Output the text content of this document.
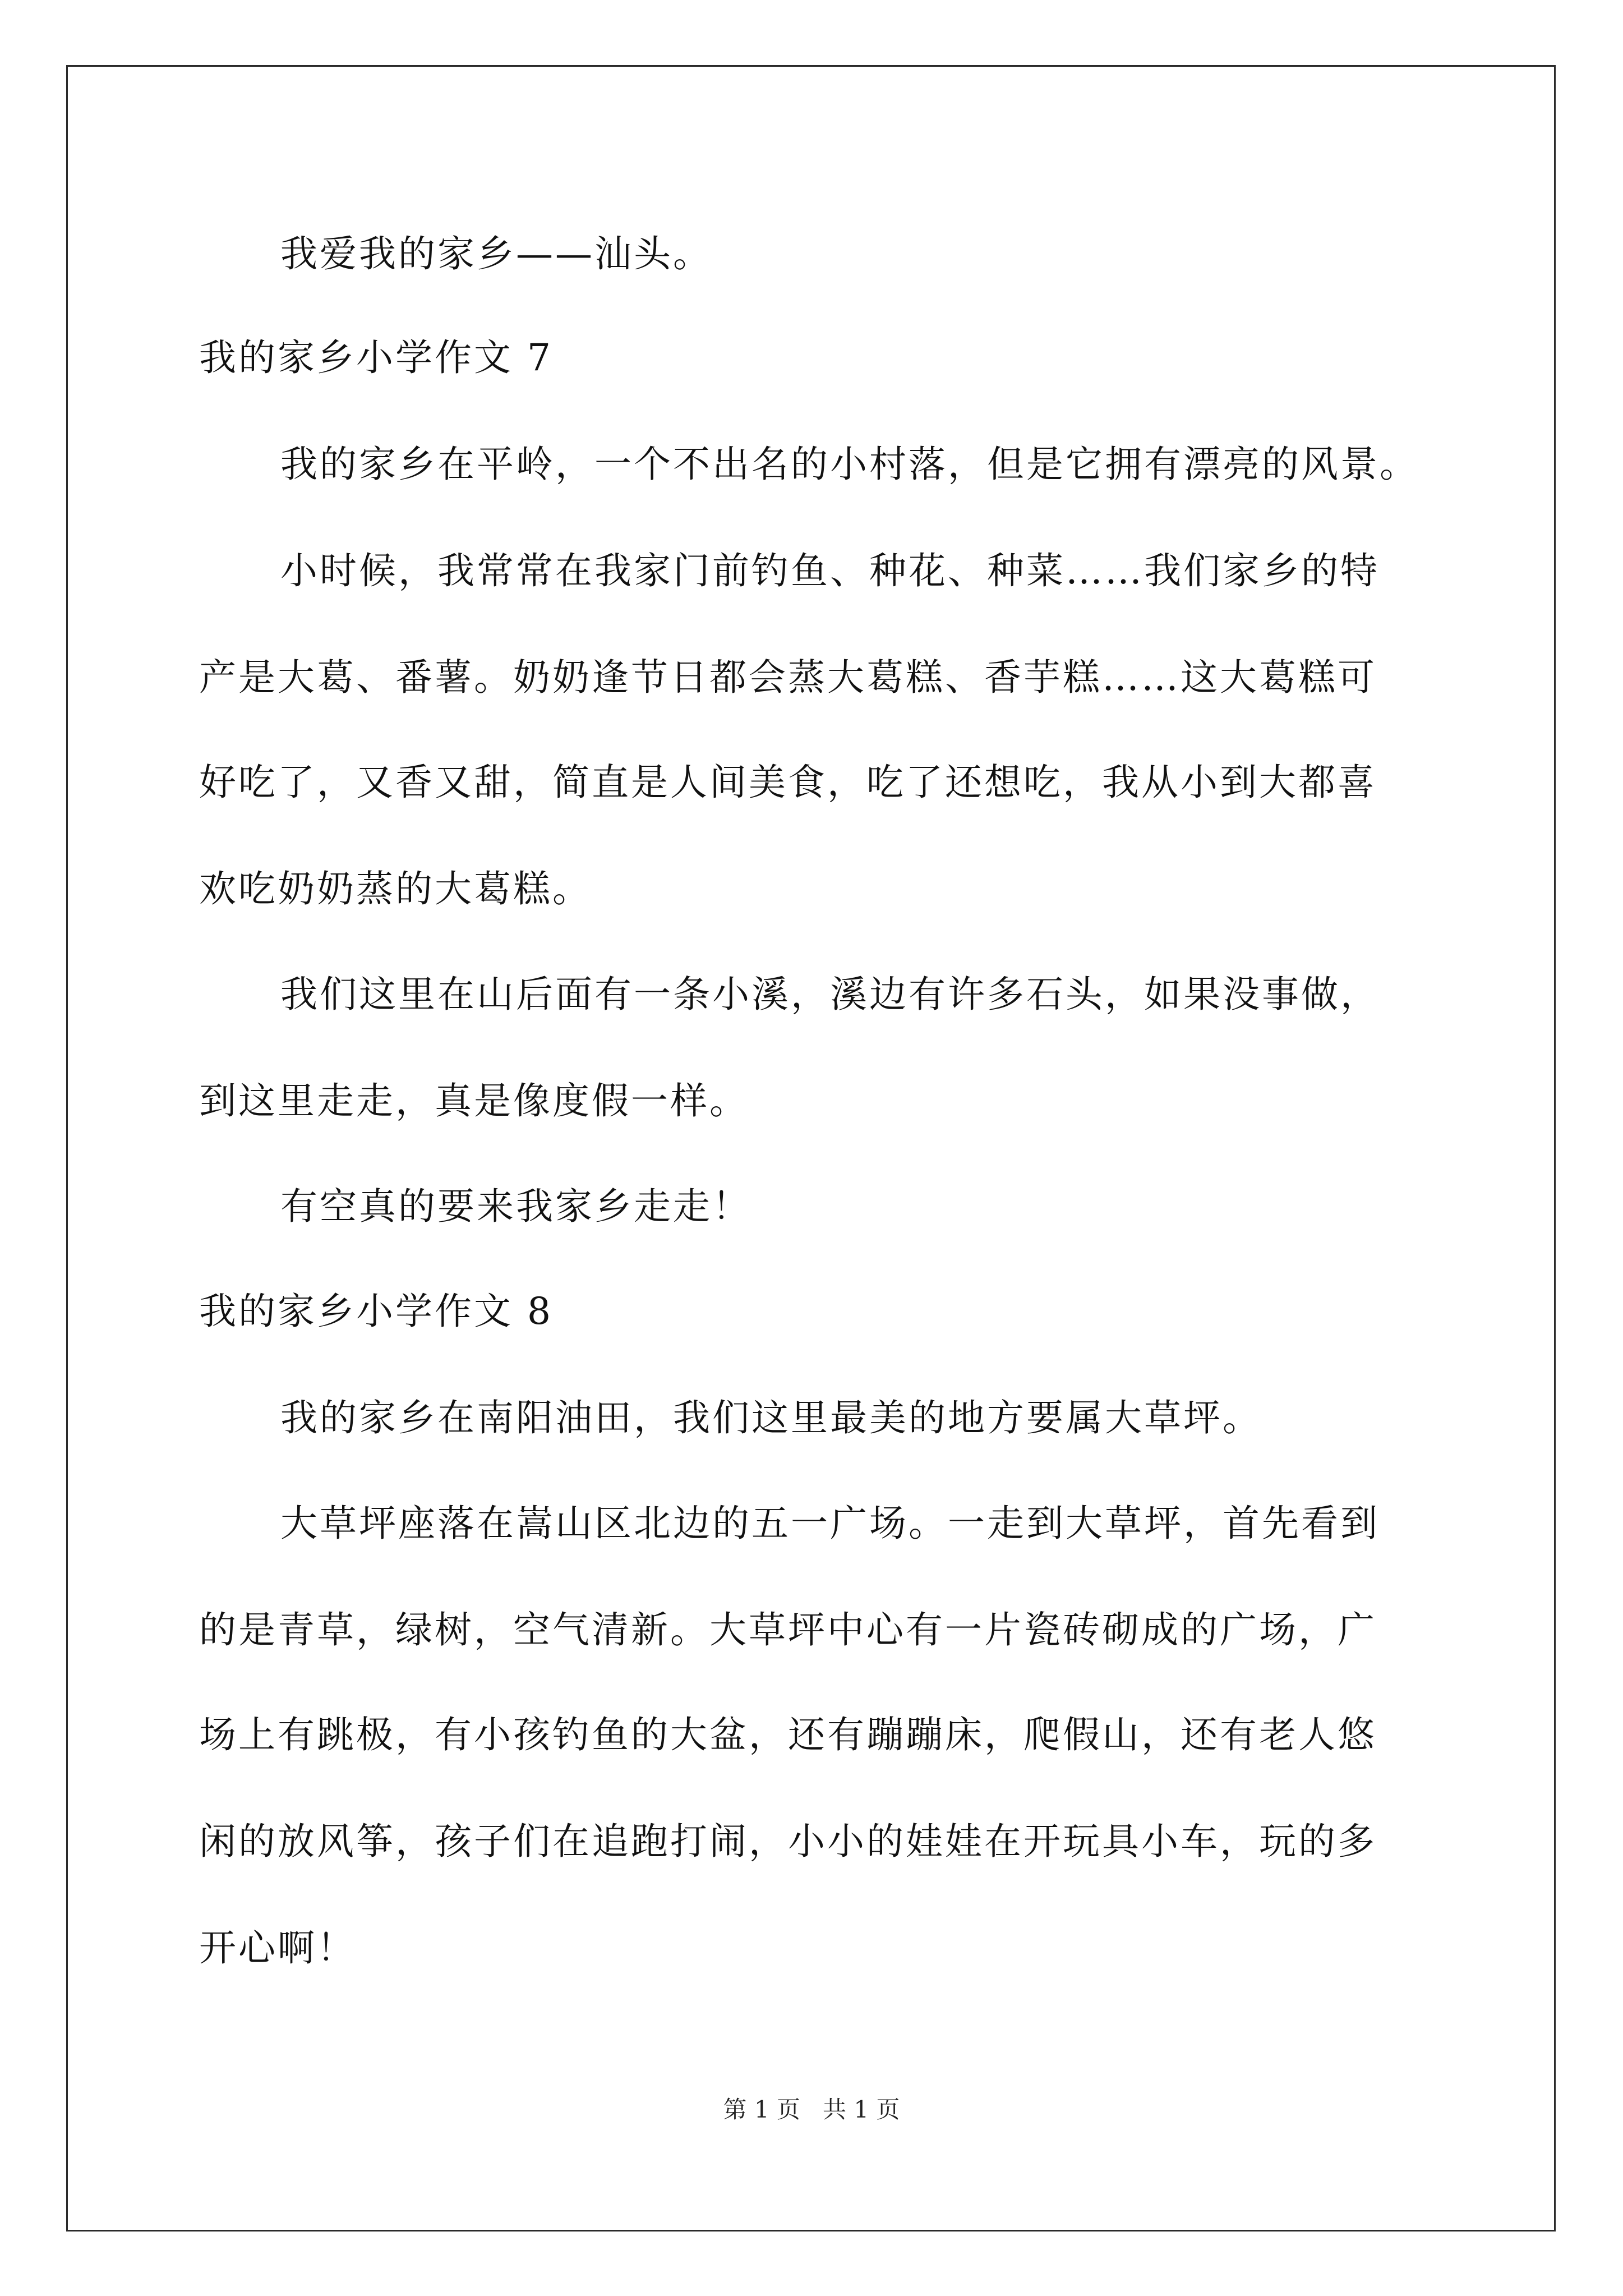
我爱我的家乡——汕头。
我的家乡小学作文 7
我的家乡在平岭，一个不出名的小村落，但是它拥有漂亮的风景。
小时候，我常常在我家门前钓鱼、种花、种菜……我们家乡的特
产是大葛、番薯。奶奶逢节日都会蒸大葛糕、香芋糕……这大葛糕可
好吃了，又香又甜，简直是人间美食，吃了还想吃，我从小到大都喜
欢吃奶奶蒸的大葛糕。
我们这里在山后面有一条小溪，溪边有许多石头，如果没事做，
到这里走走，真是像度假一样。
有空真的要来我家乡走走！
我的家乡小学作文 8
我的家乡在南阳油田，我们这里最美的地方要属大草坪。
大草坪座落在嵩山区北边的五一广场。一走到大草坪，首先看到
的是青草，绿树，空气清新。大草坪中心有一片瓷砖砌成的广场，广
场上有跳极，有小孩钓鱼的大盆，还有蹦蹦床，爬假山，还有老人悠
闲的放风筝，孩子们在追跑打闹，小小的娃娃在开玩具小车，玩的多
开心啊！
第 1 页   共 1 页
